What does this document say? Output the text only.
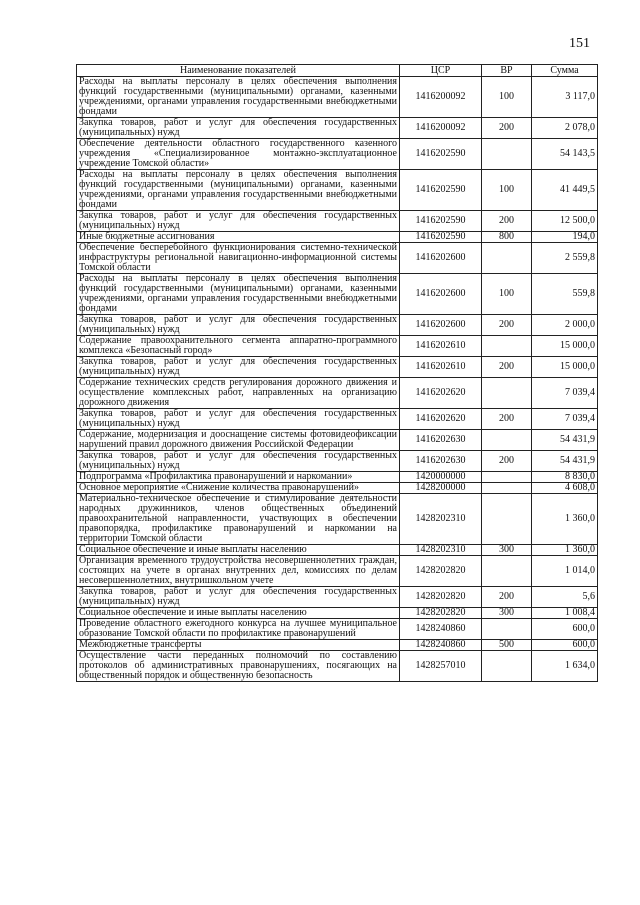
151
Наименование показателей	ЦСР	ВР	Сумма
Расходы на выплаты персоналу в целях обеспечения выполнения функций государственными (муниципальными) органами, казенными учреждениями, органами управления государственными внебюджетными фондами	1416200092	100	3 117,0
Закупка товаров, работ и услуг для обеспечения государственных (муниципальных) нужд	1416200092	200	2 078,0
Обеспечение деятельности областного государственного казенного учреждения «Специализированное монтажно-эксплуатационное учреждение Томской области»	1416202590		54 143,5
Расходы на выплаты персоналу в целях обеспечения выполнения функций государственными (муниципальными) органами, казенными учреждениями, органами управления государственными внебюджетными фондами	1416202590	100	41 449,5
Закупка товаров, работ и услуг для обеспечения государственных (муниципальных) нужд	1416202590	200	12 500,0
Иные бюджетные ассигнования	1416202590	800	194,0
Обеспечение бесперебойного функционирования системно-технической инфраструктуры региональной навигационно-информационной системы Томской области	1416202600		2 559,8
Расходы на выплаты персоналу в целях обеспечения выполнения функций государственными (муниципальными) органами, казенными учреждениями, органами управления государственными внебюджетными фондами	1416202600	100	559,8
Закупка товаров, работ и услуг для обеспечения государственных (муниципальных) нужд	1416202600	200	2 000,0
Содержание правоохранительного сегмента аппаратно-программного комплекса «Безопасный город»	1416202610		15 000,0
Закупка товаров, работ и услуг для обеспечения государственных (муниципальных) нужд	1416202610	200	15 000,0
Содержание технических средств регулирования дорожного движения и осуществление комплексных работ, направленных на организацию дорожного движения	1416202620		7 039,4
Закупка товаров, работ и услуг для обеспечения государственных (муниципальных) нужд	1416202620	200	7 039,4
Содержание, модернизация и дооснащение системы фотовидеофиксации нарушений правил дорожного движения Российской Федерации	1416202630		54 431,9
Закупка товаров, работ и услуг для обеспечения государственных (муниципальных) нужд	1416202630	200	54 431,9
Подпрограмма «Профилактика правонарушений и наркомании»	1420000000		8 830,0
Основное мероприятие «Снижение количества правонарушений»	1428200000		4 608,0
Материально-техническое обеспечение и стимулирование деятельности народных дружинников, членов общественных объединений правоохранительной направленности, участвующих в обеспечении правопорядка, профилактике правонарушений и наркомании на территории Томской области	1428202310		1 360,0
Социальное обеспечение и иные выплаты населению	1428202310	300	1 360,0
Организация временного трудоустройства несовершеннолетних граждан, состоящих на учете в органах внутренних дел, комиссиях по делам несовершеннолетних, внутришкольном учете	1428202820		1 014,0
Закупка товаров, работ и услуг для обеспечения государственных (муниципальных) нужд	1428202820	200	5,6
Социальное обеспечение и иные выплаты населению	1428202820	300	1 008,4
Проведение областного ежегодного конкурса на лучшее муниципальное образование Томской области по профилактике правонарушений	1428240860		600,0
Межбюджетные трансферты	1428240860	500	600,0
Осуществление части переданных полномочий по составлению протоколов об административных правонарушениях, посягающих на общественный порядок и общественную безопасность	1428257010		1 634,0
